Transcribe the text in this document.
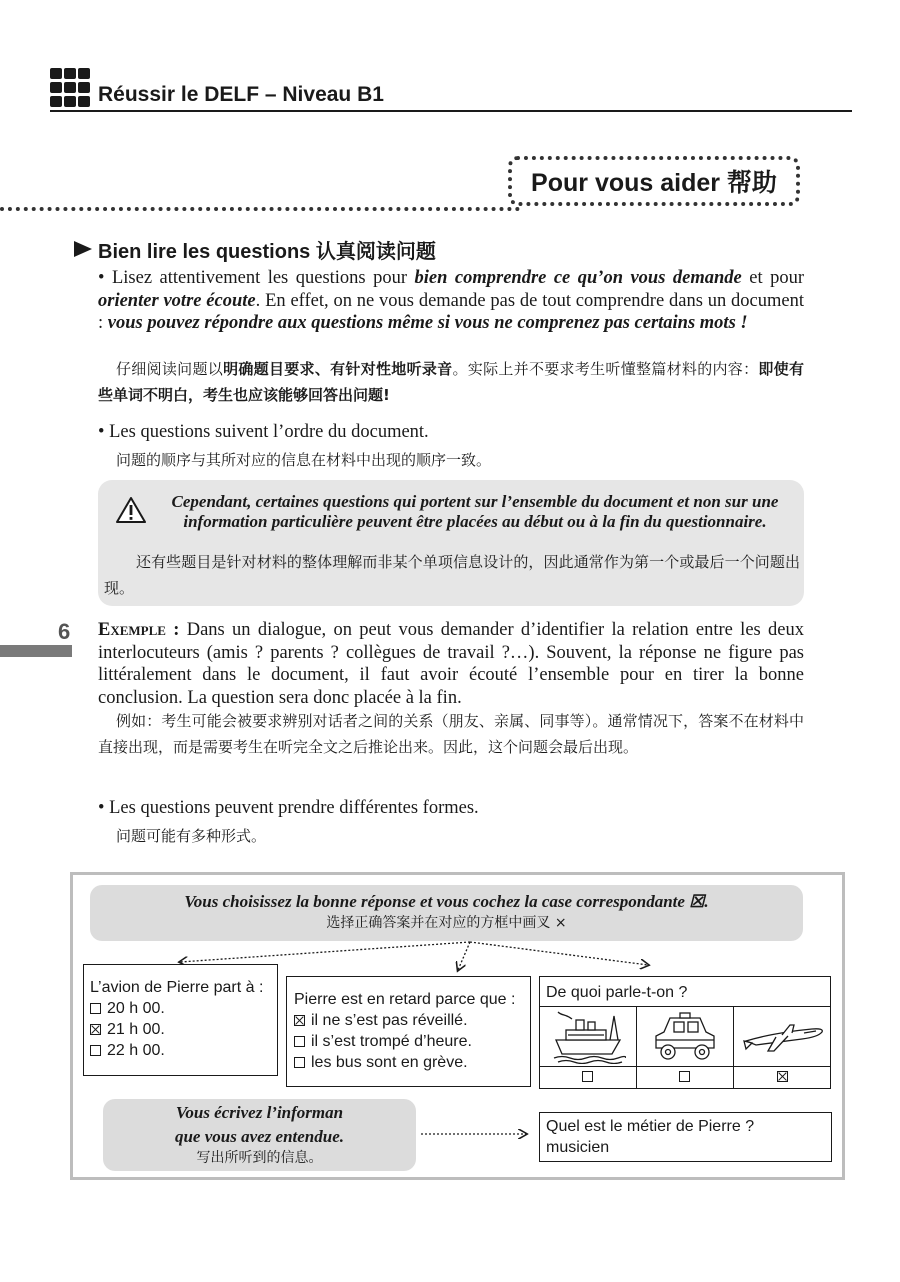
Réussir le DELF – Niveau B1
Pour vous aider 帮助
Bien lire les questions 认真阅读问题
• Lisez attentivement les questions pour bien comprendre ce qu’on vous demande et pour orienter votre écoute. En effet, on ne vous demande pas de tout comprendre dans un document : vous pouvez répondre aux questions même si vous ne comprenez pas certains mots !
仔细阅读问题以明确题目要求、有针对性地听录音。实际上并不要求考生听懂整篇材料的内容：即使有些单词不明白，考生也应该能够回答出问题!
• Les questions suivent l’ordre du document.
问题的顺序与其所对应的信息在材料中出现的顺序一致。
Cependant, certaines questions qui portent sur l’ensemble du document et non sur une information particulière peuvent être placées au début ou à la fin du questionnaire.
还有些题目是针对材料的整体理解而非某个单项信息设计的，因此通常作为第一个或最后一个问题出现。
6 Exemple : Dans un dialogue, on peut vous demander d’identifier la relation entre les deux interlocuteurs (amis ? parents ? collègues de travail ?…). Souvent, la réponse ne figure pas littéralement dans le document, il faut avoir écouté l’ensemble pour en tirer la bonne conclusion. La question sera donc placée à la fin.
例如：考生可能会被要求辨别对话者之间的关系（朋友、亲属、同事等）。通常情况下，答案不在材料中直接出现，而是需要考生在听完全文之后推论出来。因此，这个问题会最后出现。
• Les questions peuvent prendre différentes formes.
问题可能有多种形式。
Vous choisissez la bonne réponse et vous cochez la case correspondante ☒.
选择正确答案并在对应的方框中画叉 ×
L’avion de Pierre part à :
20 h 00.
21 h 00.
22 h 00.
Pierre est en retard parce que :
il ne s’est pas réveillé.
il s’est trompé d’heure.
les bus sont en grève.
De quoi parle-t-on ?
Vous écrivez l’informan
que vous avez entendue.
写出所听到的信息。
Quel est le métier de Pierre ?
musicien
